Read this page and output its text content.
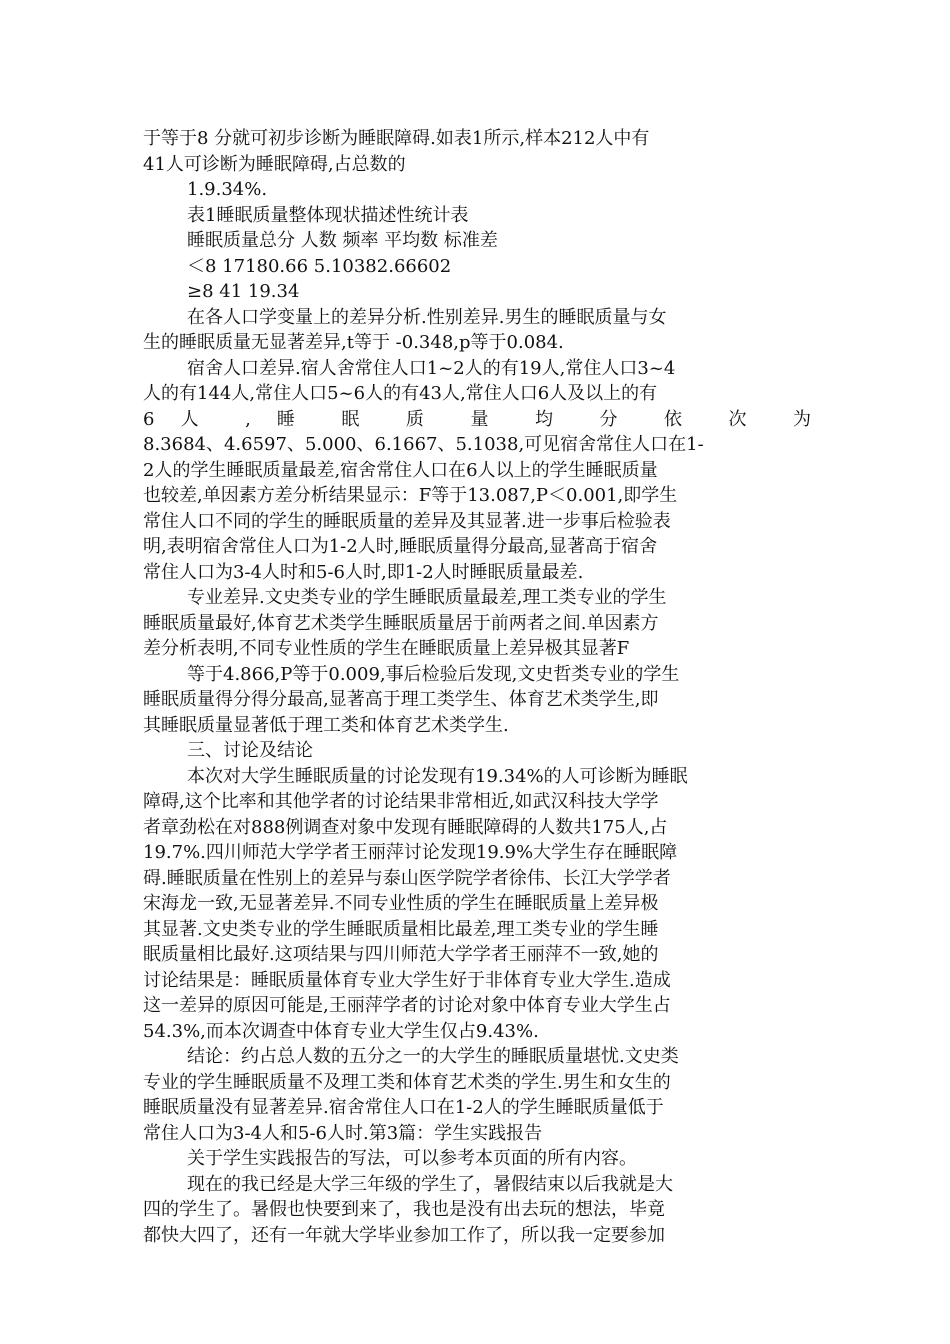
于等于8 分就可初步诊断为睡眠障碍.如表1所示,样本212人中有
41人可诊断为睡眠障碍,占总数的
1.9.34%.
表1睡眠质量整体现状描述性统计表
睡眠质量总分 人数 频率 平均数 标准差
＜8 17180.66 5.10382.66602
≥8 41 19.34
在各人口学变量上的差异分析.性别差异.男生的睡眠质量与女
生的睡眠质量无显著差异,t等于 -0.348,p等于0.084.
宿舍人口差异.宿人舍常住人口1~2人的有19人,常住人口3~4
人的有144人,常住人口5~6人的有43人,常住人口6人及以上的有
6 人 , 睡 眠 质 量 均 分 依 次 为
8.3684、4.6597、5.000、6.1667、5.1038,可见宿舍常住人口在1-
2人的学生睡眠质量最差,宿舍常住人口在6人以上的学生睡眠质量
也较差,单因素方差分析结果显示：F等于13.087,P＜0.001,即学生
常住人口不同的学生的睡眠质量的差异及其显著.进一步事后检验表
明,表明宿舍常住人口为1-2人时,睡眠质量得分最高,显著高于宿舍
常住人口为3-4人时和5-6人时,即1-2人时睡眠质量最差.
专业差异.文史类专业的学生睡眠质量最差,理工类专业的学生
睡眠质量最好,体育艺术类学生睡眠质量居于前两者之间.单因素方
差分析表明,不同专业性质的学生在睡眠质量上差异极其显著F
等于4.866,P等于0.009,事后检验后发现,文史哲类专业的学生
睡眠质量得分得分最高,显著高于理工类学生、体育艺术类学生,即
其睡眠质量显著低于理工类和体育艺术类学生.
三、讨论及结论
本次对大学生睡眠质量的讨论发现有19.34%的人可诊断为睡眠
障碍,这个比率和其他学者的讨论结果非常相近,如武汉科技大学学
者章劲松在对888例调查对象中发现有睡眠障碍的人数共175人,占
19.7%.四川师范大学学者王丽萍讨论发现19.9%大学生存在睡眠障
碍.睡眠质量在性别上的差异与泰山医学院学者徐伟、长江大学学者
宋海龙一致,无显著差异.不同专业性质的学生在睡眠质量上差异极
其显著.文史类专业的学生睡眠质量相比最差,理工类专业的学生睡
眠质量相比最好.这项结果与四川师范大学学者王丽萍不一致,她的
讨论结果是：睡眠质量体育专业大学生好于非体育专业大学生.造成
这一差异的原因可能是,王丽萍学者的讨论对象中体育专业大学生占
54.3%,而本次调查中体育专业大学生仅占9.43%.
结论：约占总人数的五分之一的大学生的睡眠质量堪忧.文史类
专业的学生睡眠质量不及理工类和体育艺术类的学生.男生和女生的
睡眠质量没有显著差异.宿舍常住人口在1-2人的学生睡眠质量低于
常住人口为3-4人和5-6人时.第3篇：学生实践报告
关于学生实践报告的写法，可以参考本页面的所有内容。
现在的我已经是大学三年级的学生了，暑假结束以后我就是大
四的学生了。暑假也快要到来了，我也是没有出去玩的想法，毕竟
都快大四了，还有一年就大学毕业参加工作了，所以我一定要参加
